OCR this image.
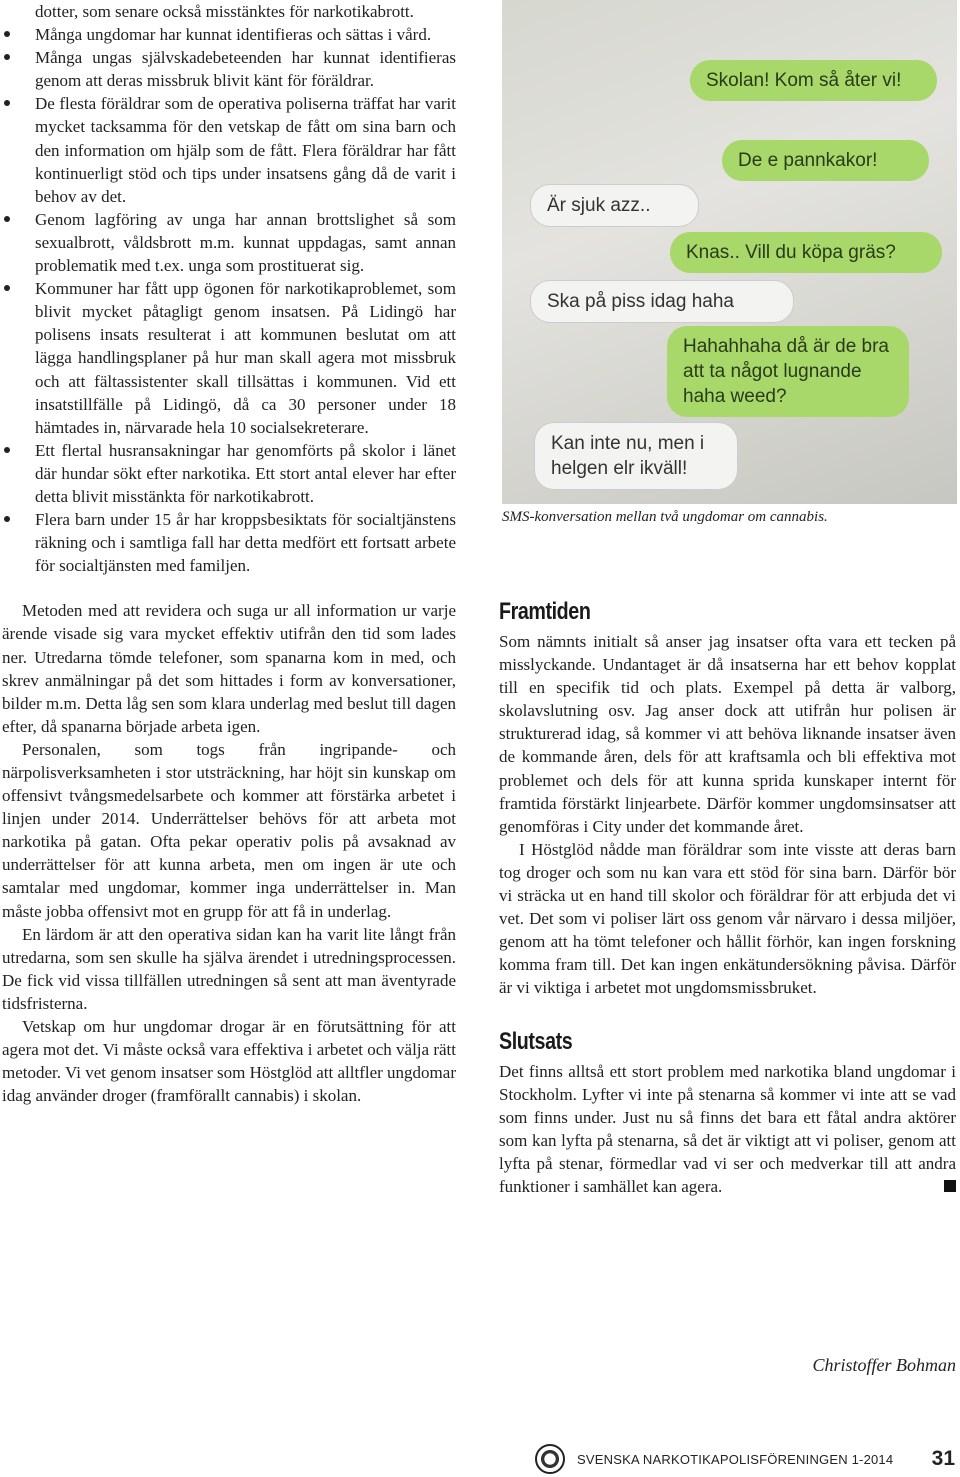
dotter, som senare också misstänktes för narkotikabrott.
Många ungdomar har kunnat identifieras och sättas i vård.
Många ungas självskadebeteenden har kunnat identifieras genom att deras missbruk blivit känt för föräldrar.
De flesta föräldrar som de operativa poliserna träffat har varit mycket tacksamma för den vetskap de fått om sina barn och den information om hjälp som de fått. Flera föräldrar har fått kontinuerligt stöd och tips under insatsens gång då de varit i behov av det.
Genom lagföring av unga har annan brottslighet så som sexualbrott, våldsbrott m.m. kunnat uppdagas, samt annan problematik med t.ex. unga som prostituerat sig.
Kommuner har fått upp ögonen för narkotikaproblemet, som blivit mycket påtagligt genom insatsen. På Lidingö har polisens insats resulterat i att kommunen beslutat om att lägga handlingsplaner på hur man skall agera mot missbruk och att fältassistenter skall tillsättas i kommunen. Vid ett insatstillfälle på Lidingö, då ca 30 personer under 18 hämtades in, närvarade hela 10 socialsekreterare.
Ett flertal husransakningar har genomförts på skolor i länet där hundar sökt efter narkotika. Ett stort antal elever har efter detta blivit misstänkta för narkotikabrott.
Flera barn under 15 år har kroppsbesiktats för socialtjänstens räkning och i samtliga fall har detta medfört ett fortsatt arbete för socialtjänsten med familjen.

Metoden med att revidera och suga ur all information ur varje ärende visade sig vara mycket effektiv utifrån den tid som lades ner. Utredarna tömde telefoner, som spanarna kom in med, och skrev anmälningar på det som hittades i form av konversationer, bilder m.m. Detta låg sen som klara underlag med beslut till dagen efter, då spanarna började arbeta igen.

Personalen, som togs från ingripande- och närpolisverksamheten i stor utsträckning, har höjt sin kunskap om offensivt tvångsmedelsarbete och kommer att förstärka arbetet i linjen under 2014. Underrättelser behövs för att arbeta mot narkotika på gatan. Ofta pekar operativ polis på avsaknad av underrättelser för att kunna arbeta, men om ingen är ute och samtalar med ungdomar, kommer inga underrättelser in. Man måste jobba offensivt mot en grupp för att få in underlag.

En lärdom är att den operativa sidan kan ha varit lite långt från utredarna, som sen skulle ha själva ärendet i utredningsprocessen. De fick vid vissa tillfällen utredningen så sent att man äventyrade tidsfristerna.

Vetskap om hur ungdomar drogar är en förutsättning för att agera mot det. Vi måste också vara effektiva i arbetet och välja rätt metoder. Vi vet genom insatser som Höstglöd att alltfler ungdomar idag använder droger (framförallt cannabis) i skolan.

Skolan! Kom så åter vi!
De e pannkakor!
Är sjuk azz..
Knas.. Vill du köpa gräs?
Ska på piss idag haha
Hahahhaha då är de bra att ta något lugnande haha weed?
Kan inte nu, men i helgen elr ikväll!
SMS-konversation mellan två ungdomar om cannabis.
Framtiden

Som nämnts initialt så anser jag insatser ofta vara ett tecken på misslyckande. Undantaget är då insatserna har ett behov kopplat till en specifik tid och plats. Exempel på detta är valborg, skolavslutning osv. Jag anser dock att utifrån hur polisen är strukturerad idag, så kommer vi att behöva liknande insatser även de kommande åren, dels för att kraftsamla och bli effektiva mot problemet och dels för att kunna sprida kunskaper internt för framtida förstärkt linjearbete. Därför kommer ungdomsinsatser att genomföras i City under det kommande året.

I Höstglöd nådde man föräldrar som inte visste att deras barn tog droger och som nu kan vara ett stöd för sina barn. Därför bör vi sträcka ut en hand till skolor och föräldrar för att erbjuda det vi vet. Det som vi poliser lärt oss genom vår närvaro i dessa miljöer, genom att ha tömt telefoner och hållit förhör, kan ingen forskning komma fram till. Det kan ingen enkätundersökning påvisa. Därför är vi viktiga i arbetet mot ungdomsmissbruket.

Slutsats

Det finns alltså ett stort problem med narkotika bland ungdomar i Stockholm. Lyfter vi inte på stenarna så kommer vi inte att se vad som finns under. Just nu så finns det bara ett fåtal andra aktörer som kan lyfta på stenarna, så det är viktigt att vi poliser, genom att lyfta på stenar, förmedlar vad vi ser och medverkar till att andra funktioner i samhället kan agera.

Christoffer Bohman
SVENSKA NARKOTIKAPOLISFÖRENINGEN 1-2014 31
